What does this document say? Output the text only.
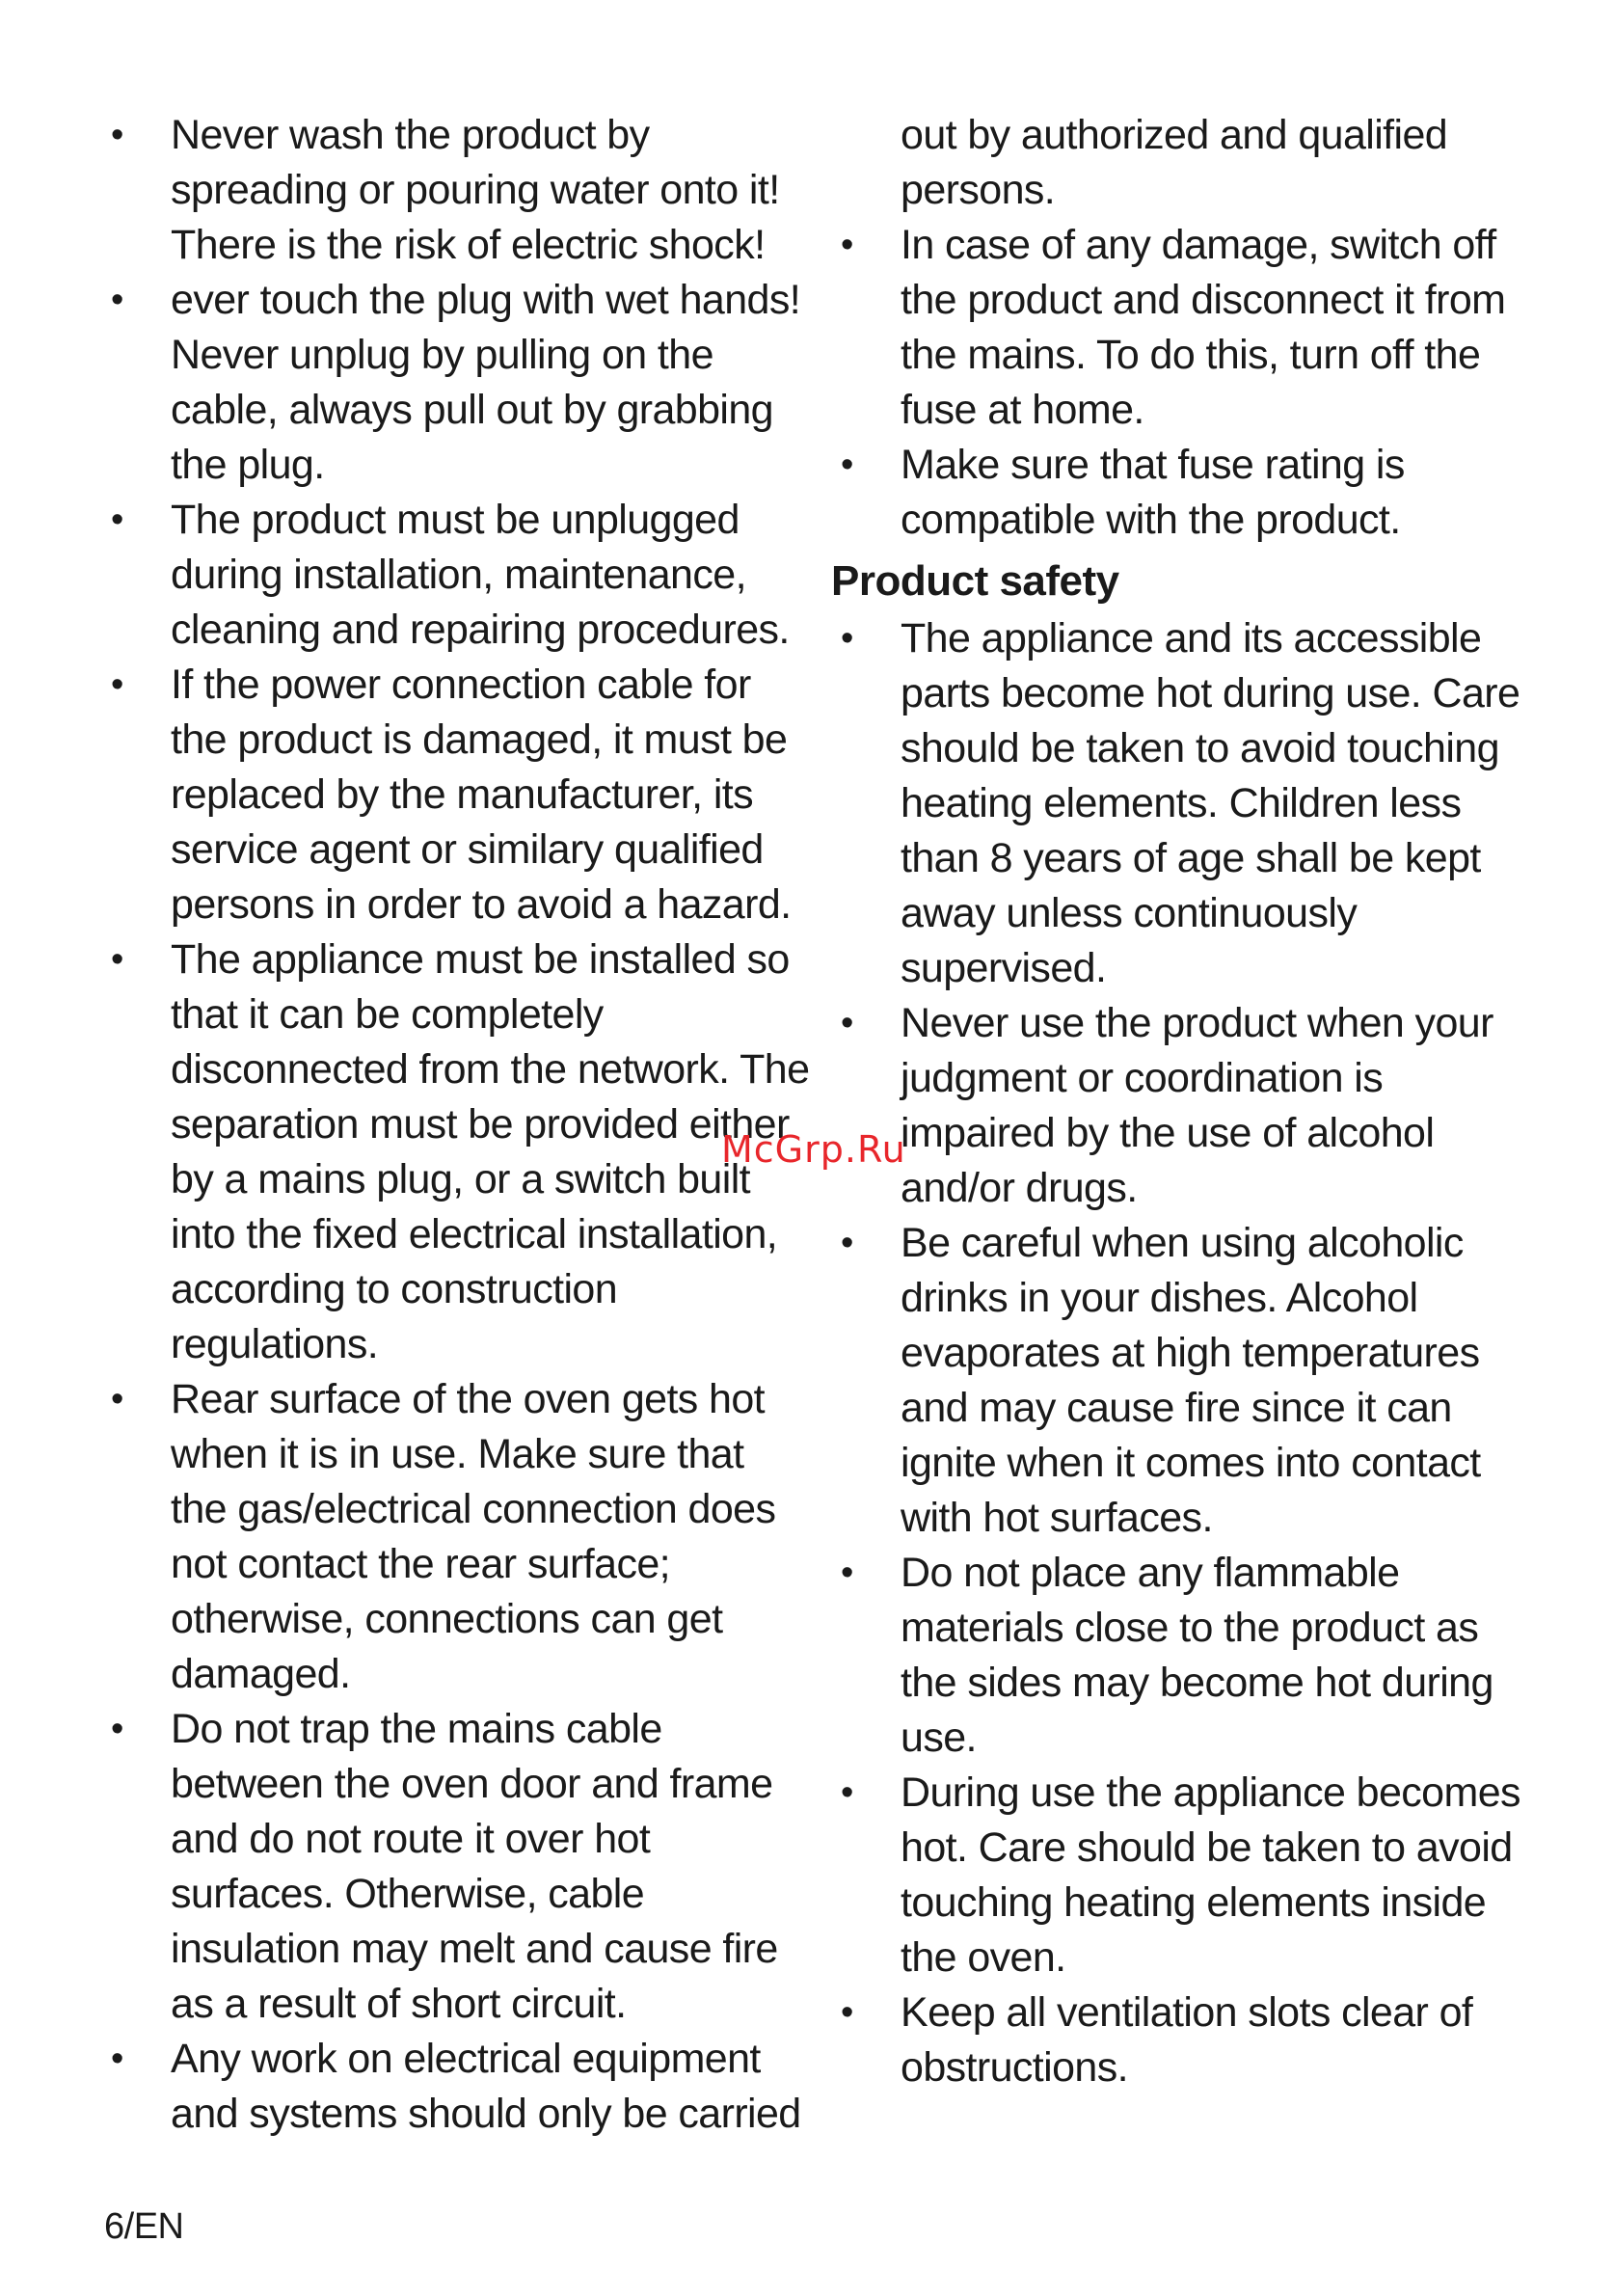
• Never wash the product by spreading or pouring water onto it! There is the risk of electric shock!
• ever touch the plug with wet hands! Never unplug by pulling on the cable, always pull out by grabbing the plug.
• The product must be unplugged during installation, maintenance, cleaning and repairing procedures.
• If the power connection cable for the product is damaged, it must be replaced by the manufacturer, its service agent or similary qualified persons in order to avoid a hazard.
• The appliance must be installed so that it can be completely disconnected from the network. The separation must be provided either by a mains plug, or a switch built into the fixed electrical installation, according to construction regulations.
• Rear surface of the oven gets hot when it is in use. Make sure that the gas/electrical connection does not contact the rear surface; otherwise, connections can get damaged.
• Do not trap the mains cable between the oven door and frame and do not route it over hot surfaces. Otherwise, cable insulation may melt and cause fire as a result of short circuit.
• Any work on electrical equipment and systems should only be carried
out by authorized and qualified persons.
• In case of any damage, switch off the product and disconnect it from the mains. To do this, turn off the fuse at home.
• Make sure that fuse rating is compatible with the product.
Product safety
• The appliance and its accessible parts become hot during use. Care should be taken to avoid touching heating elements. Children less than 8 years of age shall be kept away unless continuously supervised.
• Never use the product when your judgment or coordination is impaired by the use of alcohol and/or drugs.
• Be careful when using alcoholic drinks in your dishes. Alcohol evaporates at high temperatures and may cause fire since it can ignite when it comes into contact with hot surfaces.
• Do not place any flammable materials close to the product as the sides may become hot during use.
• During use the appliance becomes hot. Care should be taken to avoid touching heating elements inside the oven.
• Keep all ventilation slots clear of obstructions.
McGrp.Ru
6/EN
